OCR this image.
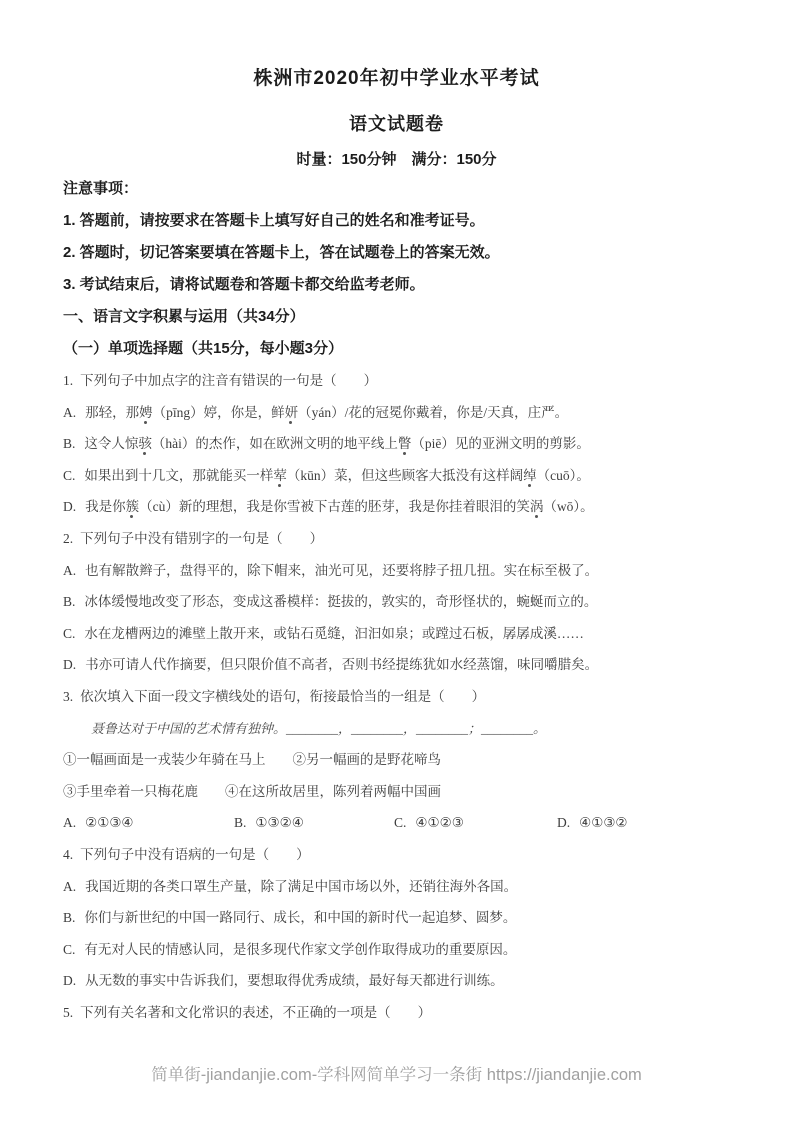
株洲市2020年初中学业水平考试
语文试题卷
时量：150分钟　满分：150分
注意事项：
1. 答题前，请按要求在答题卡上填写好自己的姓名和准考证号。
2. 答题时，切记答案要填在答题卡上，答在试题卷上的答案无效。
3. 考试结束后，请将试题卷和答题卡都交给监考老师。
一、语言文字积累与运用（共34分）
（一）单项选择题（共15分，每小题3分）
1. 下列句子中加点字的注音有错误的一句是（　　）
A. 那轻，那娉（pīng）婷，你是，鲜妍（yán）/花的冠冕你戴着，你是/天真，庄严。
B. 这令人惊骇（hài）的杰作，如在欧洲文明的地平线上瞥（piē）见的亚洲文明的剪影。
C. 如果出到十几文，那就能买一样荤（kūn）菜，但这些顾客大抵没有这样阔绰（cuō）。
D. 我是你簇（cù）新的理想，我是你雪被下古莲的胚芽，我是你挂着眼泪的笑涡（wō）。
2. 下列句子中没有错别字的一句是（　　）
A. 也有解散辫子，盘得平的，除下帽来，油光可见，还要将脖子扭几扭。实在标至极了。
B. 冰体缓慢地改变了形态，变成这番模样：挺拔的，敦实的，奇形怪状的，蜿蜒而立的。
C. 水在龙槽两边的滩壁上散开来，或钻石觅缝，汩汩如泉；或蹚过石板，孱孱成溪……
D. 书亦可请人代作摘要，但只限价值不高者，否则书经提练犹如水经蒸馏，味同嚼腊矣。
3. 依次填入下面一段文字横线处的语句，衔接最恰当的一组是（　　）
聂鲁达对于中国的艺术情有独钟。________，________，________；________。
①一幅画面是一戎装少年骑在马上　　②另一幅画的是野花啼鸟
③手里牵着一只梅花鹿　　④在这所故居里，陈列着两幅中国画
A. ②①③④	B. ①③②④	C. ④①②③	D. ④①③②
4. 下列句子中没有语病的一句是（　　）
A. 我国近期的各类口罩生产量，除了满足中国市场以外，还销往海外各国。
B. 你们与新世纪的中国一路同行、成长，和中国的新时代一起追梦、圆梦。
C. 有无对人民的情感认同，是很多现代作家文学创作取得成功的重要原因。
D. 从无数的事实中告诉我们，要想取得优秀成绩，最好每天都进行训练。
5. 下列有关名著和文化常识的表述，不正确的一项是（　　）
简单街-jiandanjie.com-学科网简单学习一条街 https://jiandanjie.com
